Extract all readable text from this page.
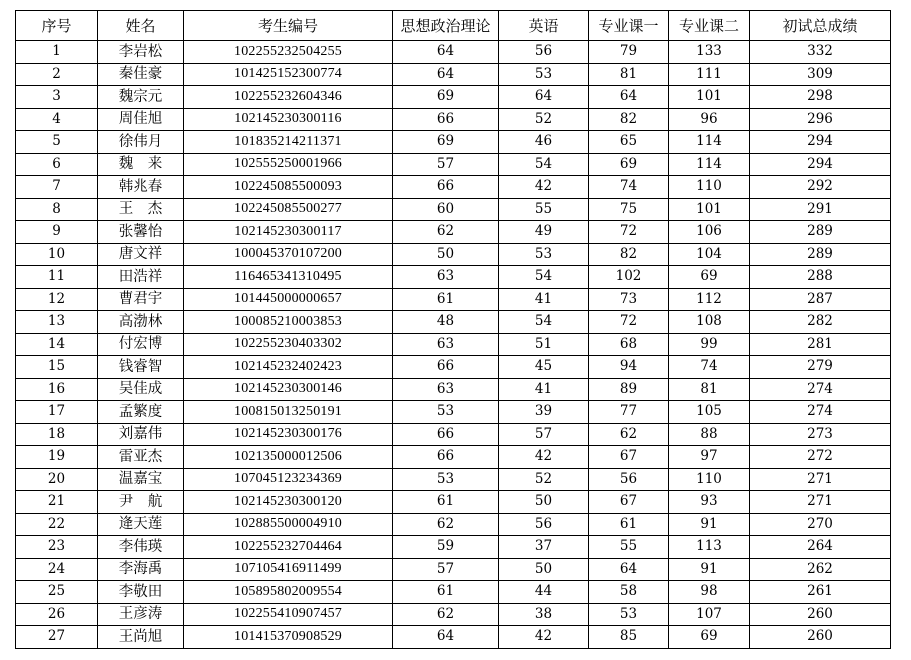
序号	姓名	考生编号	思想政治理论	英语	专业课一	专业课二	初试总成绩
1	李岩松	102255232504255	64	56	79	133	332
2	秦佳豪	101425152300774	64	53	81	111	309
3	魏宗元	102255232604346	69	64	64	101	298
4	周佳旭	102145230300116	66	52	82	96	296
5	徐伟月	101835214211371	69	46	65	114	294
6	魏　来	102555250001966	57	54	69	114	294
7	韩兆春	102245085500093	66	42	74	110	292
8	王　杰	102245085500277	60	55	75	101	291
9	张馨怡	102145230300117	62	49	72	106	289
10	唐文祥	100045370107200	50	53	82	104	289
11	田浩祥	116465341310495	63	54	102	69	288
12	曹君宇	101445000000657	61	41	73	112	287
13	高渤林	100085210003853	48	54	72	108	282
14	付宏博	102255230403302	63	51	68	99	281
15	钱睿智	102145232402423	66	45	94	74	279
16	吴佳成	102145230300146	63	41	89	81	274
17	孟繁度	100815013250191	53	39	77	105	274
18	刘嘉伟	102145230300176	66	57	62	88	273
19	雷亚杰	102135000012506	66	42	67	97	272
20	温嘉宝	107045123234369	53	52	56	110	271
21	尹　航	102145230300120	61	50	67	93	271
22	逄天莲	102885500004910	62	56	61	91	270
23	李伟瑛	102255232704464	59	37	55	113	264
24	李海禹	107105416911499	57	50	64	91	262
25	李敬田	105895802009554	61	44	58	98	261
26	王彦涛	102255410907457	62	38	53	107	260
27	王尚旭	101415370908529	64	42	85	69	260
